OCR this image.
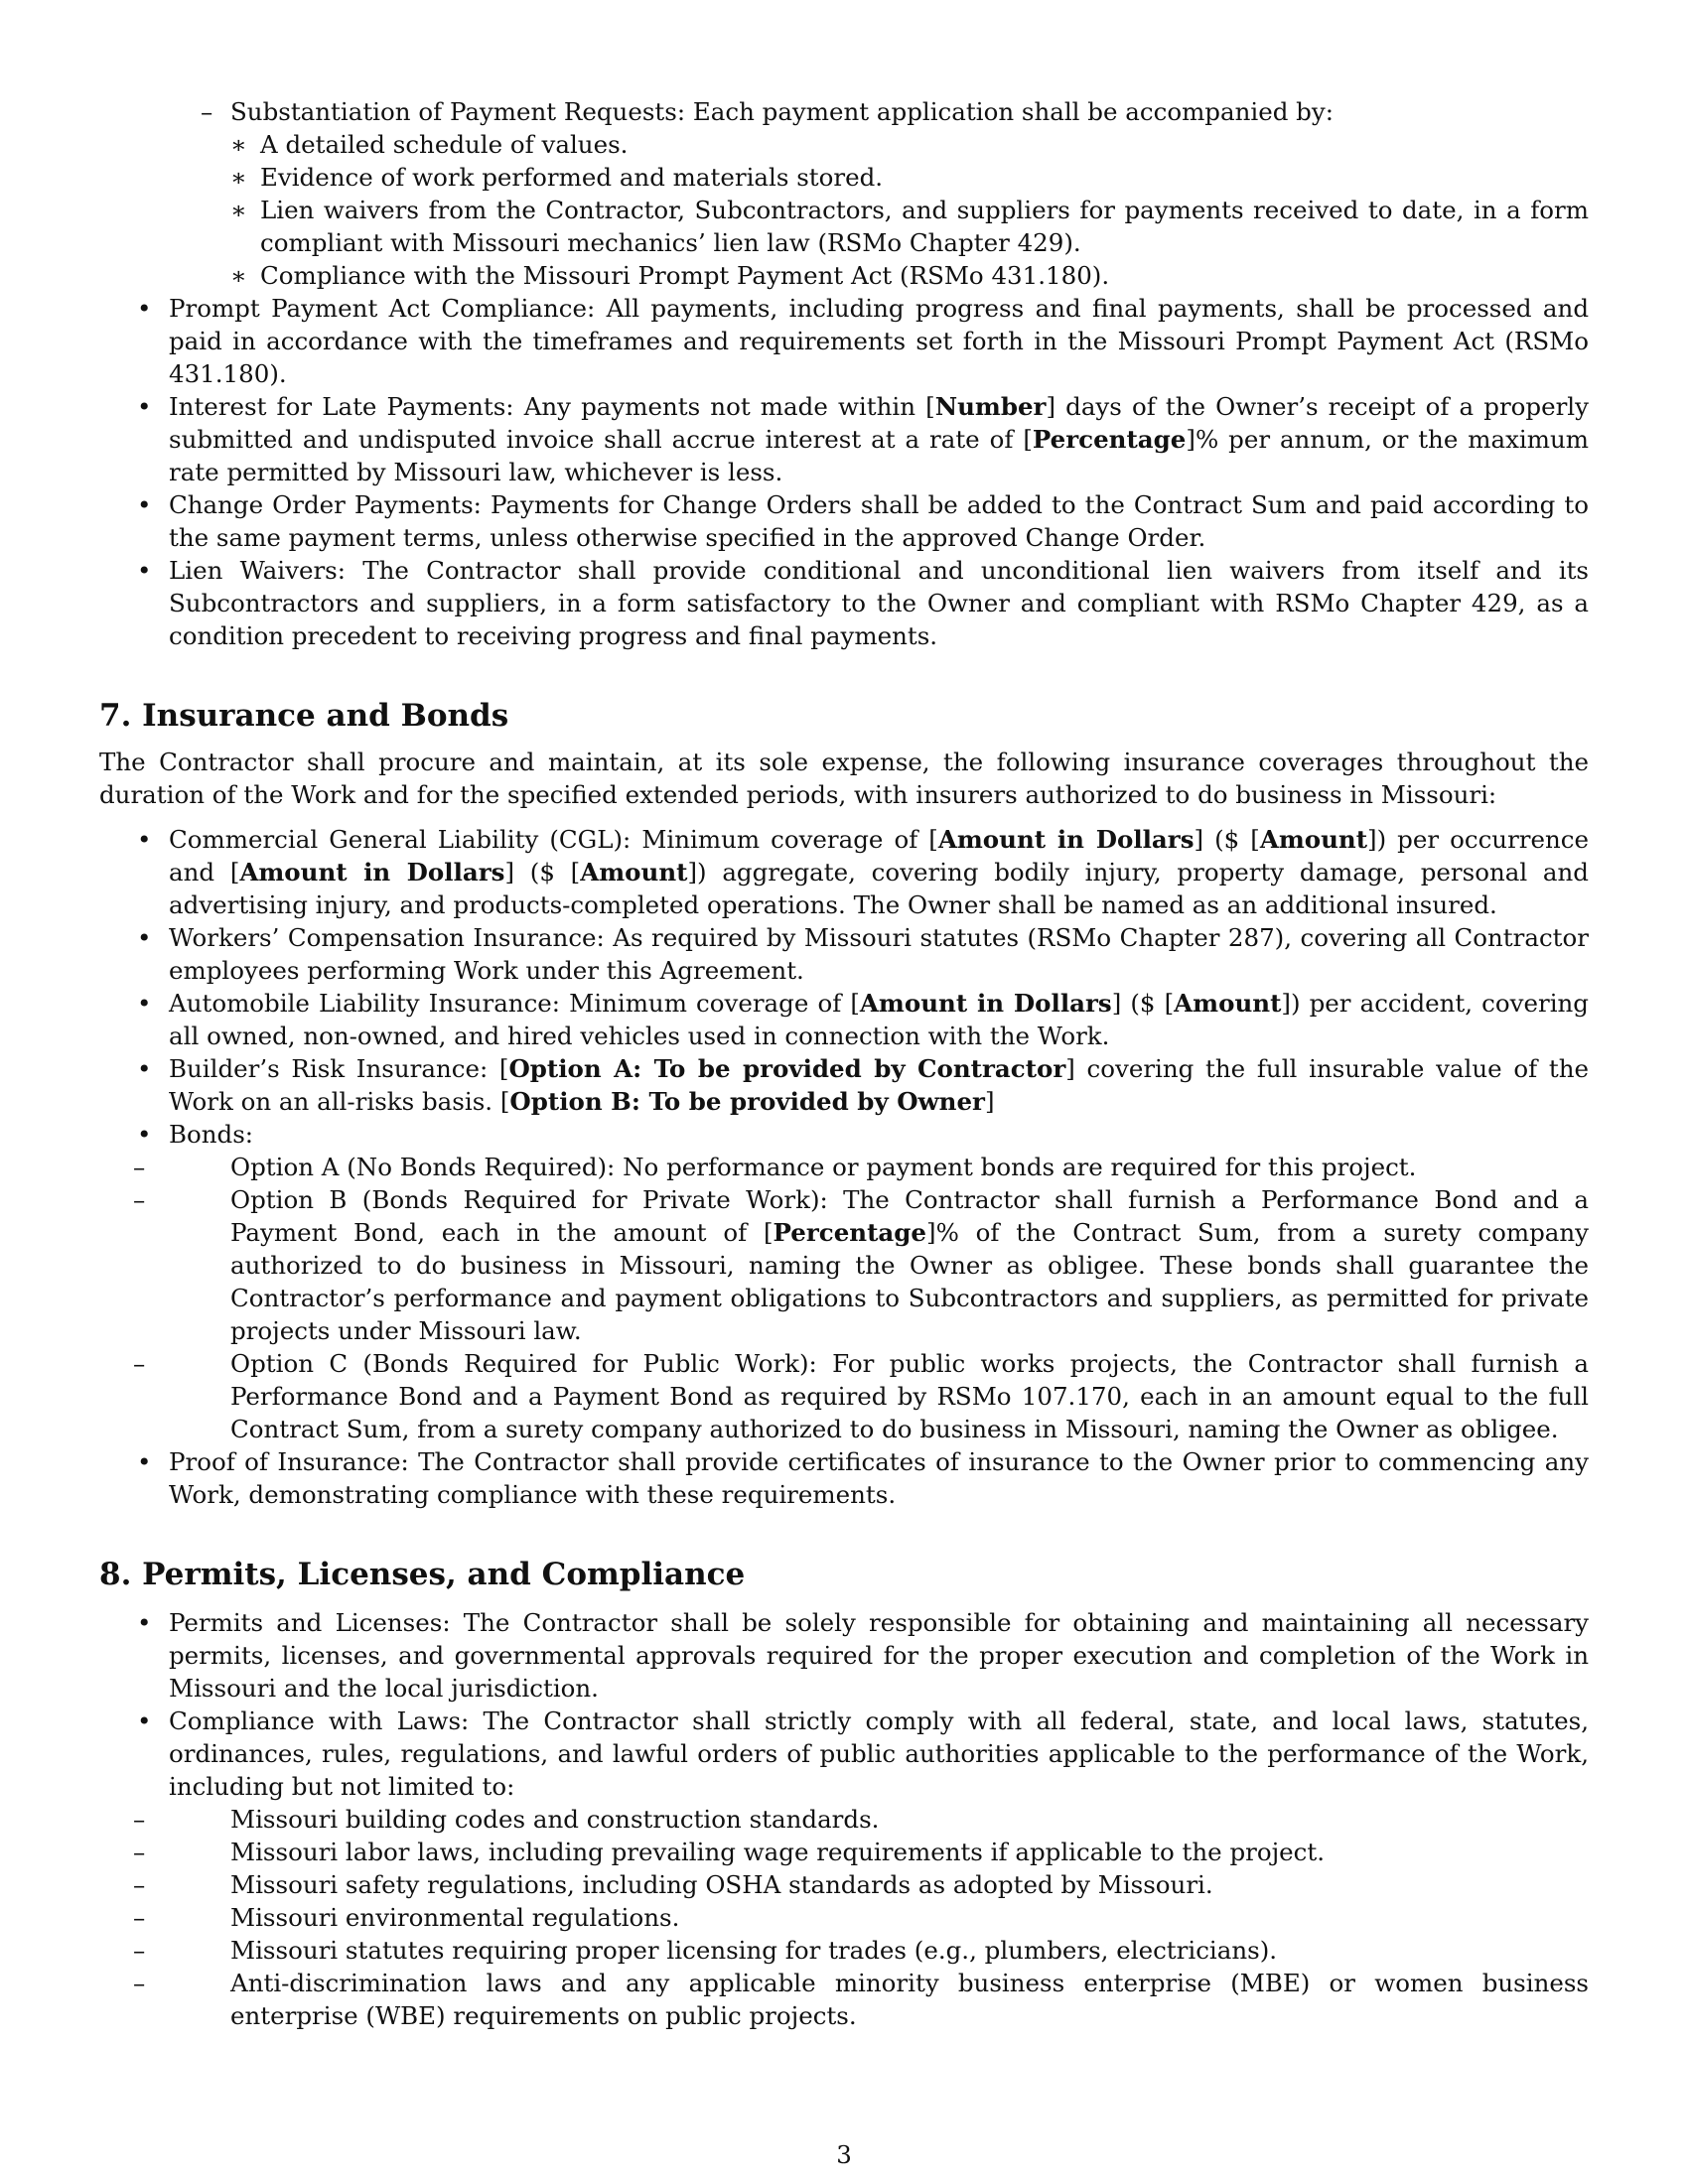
– Substantiation of Payment Requests: Each payment application shall be accompanied by:
∗ A detailed schedule of values.
∗ Evidence of work performed and materials stored.
∗ Lien waivers from the Contractor, Subcontractors, and suppliers for payments received to date, in a form compliant with Missouri mechanics’ lien law (RSMo Chapter 429).
∗ Compliance with the Missouri Prompt Payment Act (RSMo 431.180).
• Prompt Payment Act Compliance: All payments, including progress and final payments, shall be processed and paid in accordance with the timeframes and requirements set forth in the Missouri Prompt Payment Act (RSMo 431.180).
• Interest for Late Payments: Any payments not made within [Number] days of the Owner’s receipt of a properly submitted and undisputed invoice shall accrue interest at a rate of [Percentage]% per annum, or the maximum rate permitted by Missouri law, whichever is less.
• Change Order Payments: Payments for Change Orders shall be added to the Contract Sum and paid according to the same payment terms, unless otherwise specified in the approved Change Order.
• Lien Waivers: The Contractor shall provide conditional and unconditional lien waivers from itself and its Subcontractors and suppliers, in a form satisfactory to the Owner and compliant with RSMo Chapter 429, as a condition precedent to receiving progress and final payments.
7. Insurance and Bonds

The Contractor shall procure and maintain, at its sole expense, the following insurance coverages throughout the duration of the Work and for the specified extended periods, with insurers authorized to do business in Missouri:

• Commercial General Liability (CGL): Minimum coverage of [Amount in Dollars] ($ [Amount]) per occurrence and [Amount in Dollars] ($ [Amount]) aggregate, covering bodily injury, property damage, personal and advertising injury, and products-completed operations. The Owner shall be named as an additional insured.
• Workers’ Compensation Insurance: As required by Missouri statutes (RSMo Chapter 287), covering all Contractor employees performing Work under this Agreement.
• Automobile Liability Insurance: Minimum coverage of [Amount in Dollars] ($ [Amount]) per accident, covering all owned, non-owned, and hired vehicles used in connection with the Work.
• Builder’s Risk Insurance: [Option A: To be provided by Contractor] covering the full insurable value of the Work on an all-risks basis. [Option B: To be provided by Owner]
• Bonds:
–	Option A (No Bonds Required): No performance or payment bonds are required for this project.
–	Option B (Bonds Required for Private Work): The Contractor shall furnish a Performance Bond and a Payment Bond, each in the amount of [Percentage]% of the Contract Sum, from a surety company authorized to do business in Missouri, naming the Owner as obligee. These bonds shall guarantee the Contractor’s performance and payment obligations to Subcontractors and suppliers, as permitted for private projects under Missouri law.
–	Option C (Bonds Required for Public Work): For public works projects, the Contractor shall furnish a Performance Bond and a Payment Bond as required by RSMo 107.170, each in an amount equal to the full Contract Sum, from a surety company authorized to do business in Missouri, naming the Owner as obligee.
• Proof of Insurance: The Contractor shall provide certificates of insurance to the Owner prior to commencing any Work, demonstrating compliance with these requirements.
8. Permits, Licenses, and Compliance
• Permits and Licenses: The Contractor shall be solely responsible for obtaining and maintaining all necessary permits, licenses, and governmental approvals required for the proper execution and completion of the Work in Missouri and the local jurisdiction.
• Compliance with Laws: The Contractor shall strictly comply with all federal, state, and local laws, statutes, ordinances, rules, regulations, and lawful orders of public authorities applicable to the performance of the Work, including but not limited to:
–	Missouri building codes and construction standards.
–	Missouri labor laws, including prevailing wage requirements if applicable to the project.
–	Missouri safety regulations, including OSHA standards as adopted by Missouri.
–	Missouri environmental regulations.
–	Missouri statutes requiring proper licensing for trades (e.g., plumbers, electricians).
–	Anti-discrimination laws and any applicable minority business enterprise (MBE) or women business enterprise (WBE) requirements on public projects.
3
